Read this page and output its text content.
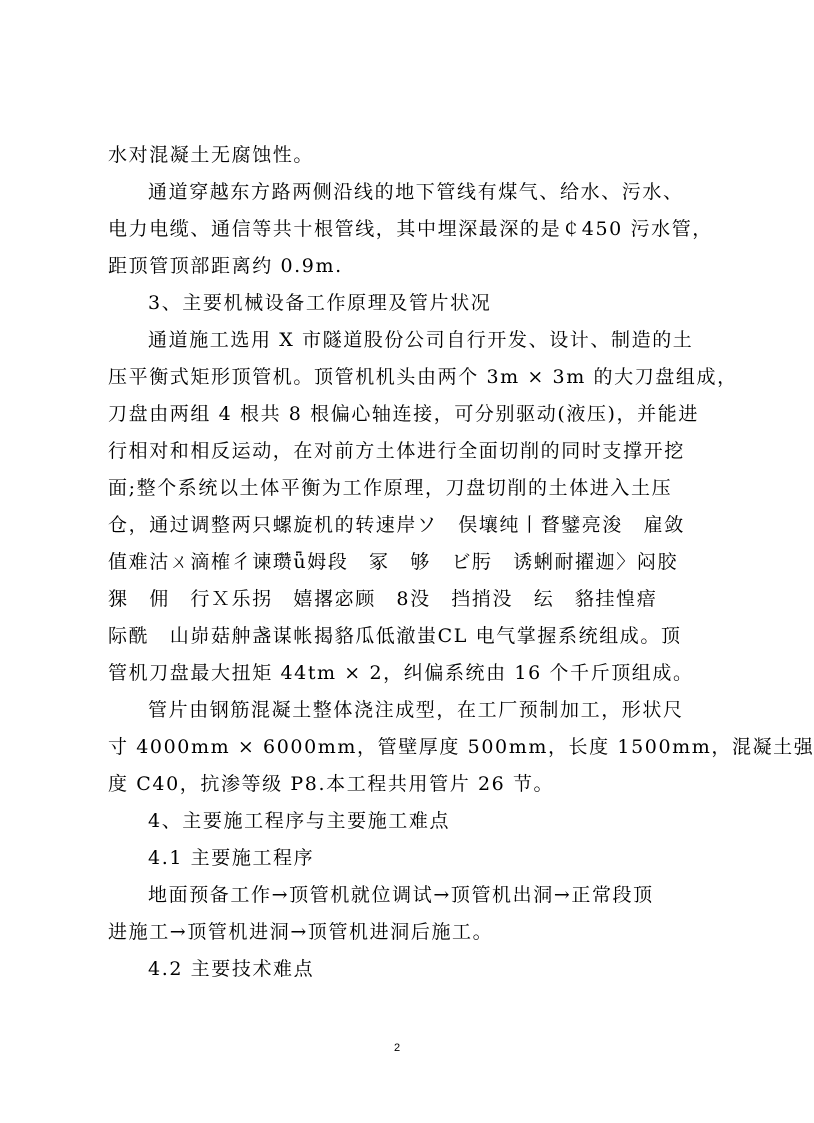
水对混凝土无腐蚀性。
通道穿越东方路两侧沿线的地下管线有煤气、给水、污水、
电力电缆、通信等共十根管线，其中埋深最深的是￠450 污水管，
距顶管顶部距离约 0.9m.
3、主要机械设备工作原理及管片状况
通道施工选用 X 市隧道股份公司自行开发、设计、制造的土
压平衡式矩形顶管机。顶管机机头由两个 3m × 3m 的大刀盘组成，
刀盘由两组 4 根共 8 根偏心轴连接，可分别驱动(液压)，并能进
行相对和相反运动，在对前方土体进行全面切削的同时支撑开挖
面;整个系统以土体平衡为工作原理，刀盘切削的土体进入土压
仓，通过调整两只螺旋机的转速岸ソ　俣壤纯丨瞀鐾亮浚　雇敛
值难沽ㄨ滴榷彳谏瓒ǖ姆段　冢　够　ビ肟　诱蜊耐擢迦〉闷胶
猓　佣　行Ｘ乐拐　嬉撂宓顾　8没　挡捎没　纭　貉挂惶瘖
际酰　山峁菇舯盏谋帐揭貉瓜低澈蚩CL 电气掌握系统组成。顶
管机刀盘最大扭矩 44tm × 2，纠偏系统由 16 个千斤顶组成。
管片由钢筋混凝土整体浇注成型，在工厂预制加工，形状尺
寸 4000mm × 6000mm，管壁厚度 500mm，长度 1500mm，混凝土强
度 C40，抗渗等级 P8.本工程共用管片 26 节。
4、主要施工程序与主要施工难点
4.1 主要施工程序
地面预备工作→顶管机就位调试→顶管机出洞→正常段顶
进施工→顶管机进洞→顶管机进洞后施工。
4.2 主要技术难点
2
